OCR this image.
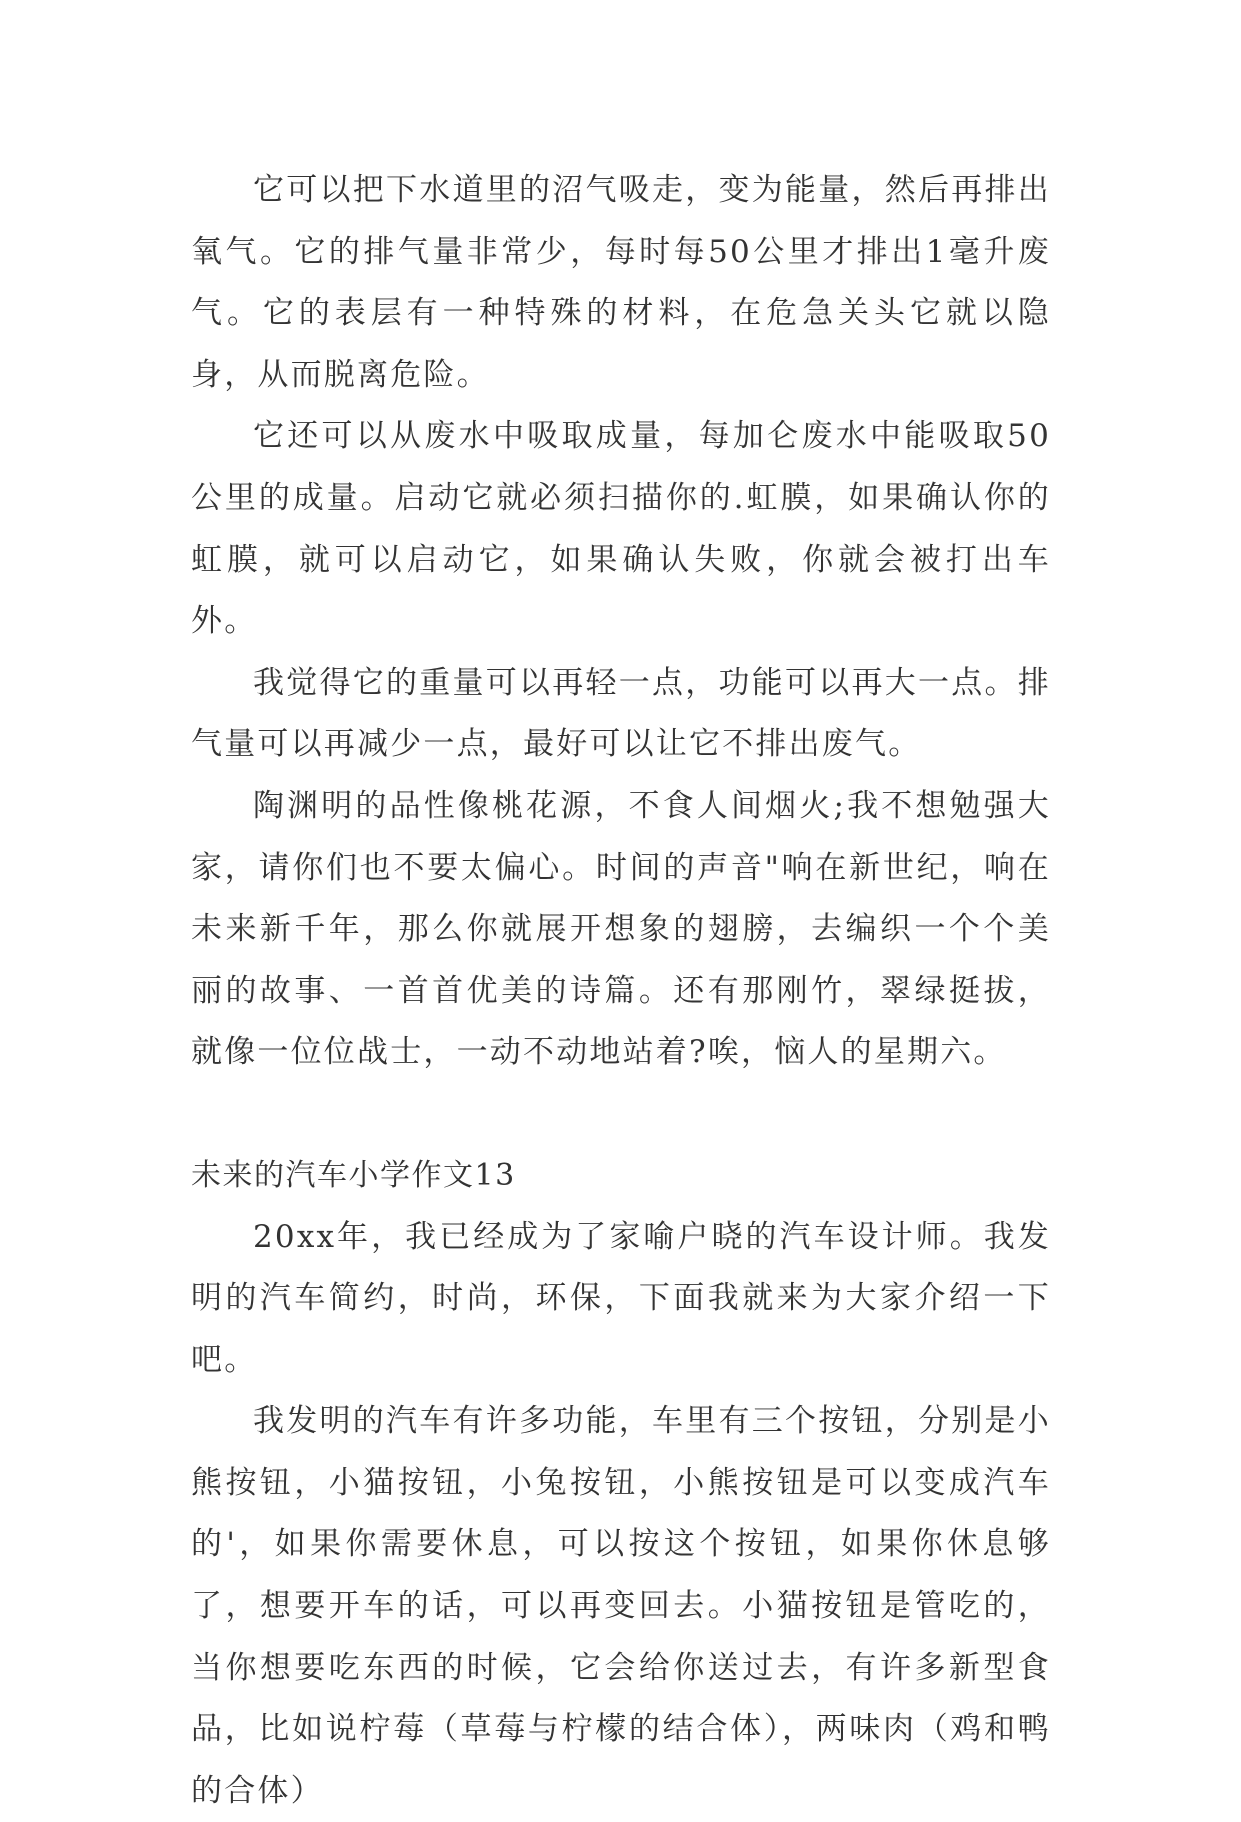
它可以把下水道里的沼气吸走，变为能量，然后再排出氧气。它的排气量非常少，每时每50公里才排出1毫升废气。它的表层有一种特殊的材料，在危急关头它就以隐身，从而脱离危险。

它还可以从废水中吸取成量，每加仑废水中能吸取50公里的成量。启动它就必须扫描你的.虹膜，如果确认你的虹膜，就可以启动它，如果确认失败，你就会被打出车外。

我觉得它的重量可以再轻一点，功能可以再大一点。排气量可以再减少一点，最好可以让它不排出废气。

陶渊明的品性像桃花源，不食人间烟火;我不想勉强大家，请你们也不要太偏心。时间的声音"响在新世纪，响在未来新千年，那么你就展开想象的翅膀，去编织一个个美丽的故事、一首首优美的诗篇。还有那刚竹，翠绿挺拔，就像一位位战士，一动不动地站着?唉，恼人的星期六。

未来的汽车小学作文13

20xx年，我已经成为了家喻户晓的汽车设计师。我发明的汽车简约，时尚，环保，下面我就来为大家介绍一下吧。

我发明的汽车有许多功能，车里有三个按钮，分别是小熊按钮，小猫按钮，小兔按钮，小熊按钮是可以变成汽车的'，如果你需要休息，可以按这个按钮，如果你休息够了，想要开车的话，可以再变回去。小猫按钮是管吃的，当你想要吃东西的时候，它会给你送过去，有许多新型食品，比如说柠莓（草莓与柠檬的结合体），两味肉（鸡和鸭的合体）
